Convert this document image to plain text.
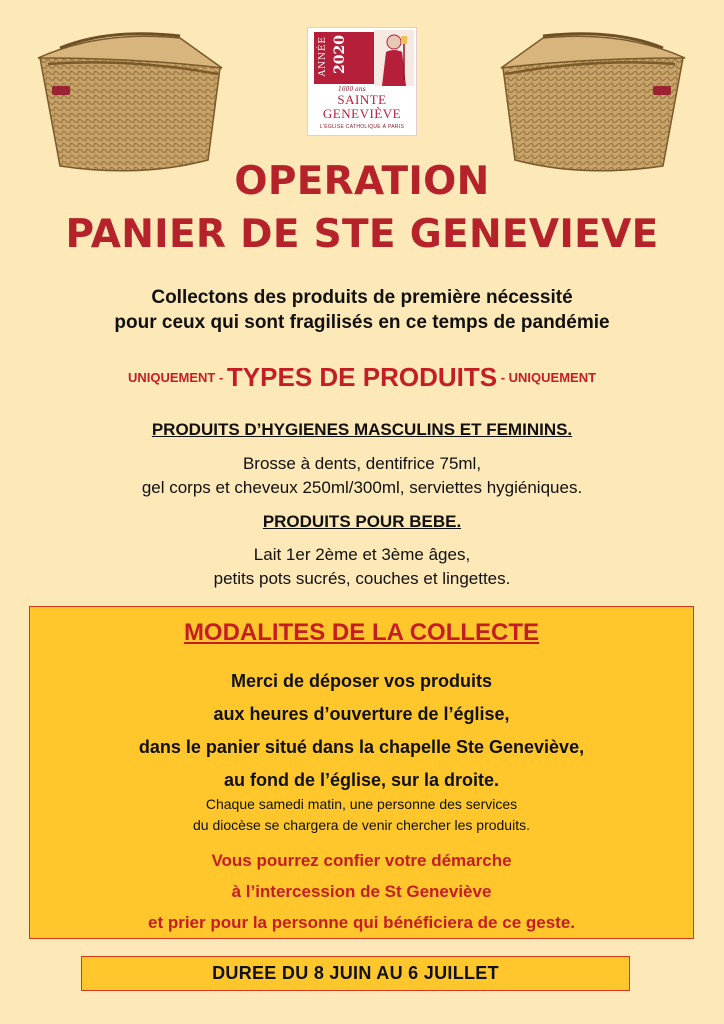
ANNÉE 2020
1600 ans
SAINTE
GENEVIÈVE
L'ÉGLISE CATHOLIQUE À PARIS
OPERATION
PANIER DE STE GENEVIEVE
Collectons des produits de première nécessité
pour ceux qui sont fragilisés en ce temps de pandémie
UNIQUEMENT - TYPES DE PRODUITS - UNIQUEMENT
PRODUITS D’HYGIENES MASCULINS ET FEMININS.
Brosse à dents, dentifrice 75ml,
gel corps et cheveux 250ml/300ml, serviettes hygiéniques.
PRODUITS POUR BEBE.
Lait 1er 2ème et 3ème âges,
petits pots sucrés, couches et lingettes.
MODALITES DE LA COLLECTE
Merci de déposer vos produits
aux heures d’ouverture de l’église,
dans le panier situé dans la chapelle Ste Geneviève,
au fond de l’église, sur la droite.
Chaque samedi matin, une personne des services
du diocèse se chargera de venir chercher les produits.
Vous pourrez confier votre démarche
à l’intercession de St Geneviève
et prier pour la personne qui bénéficiera de ce geste.
DUREE DU 8 JUIN AU 6 JUILLET
